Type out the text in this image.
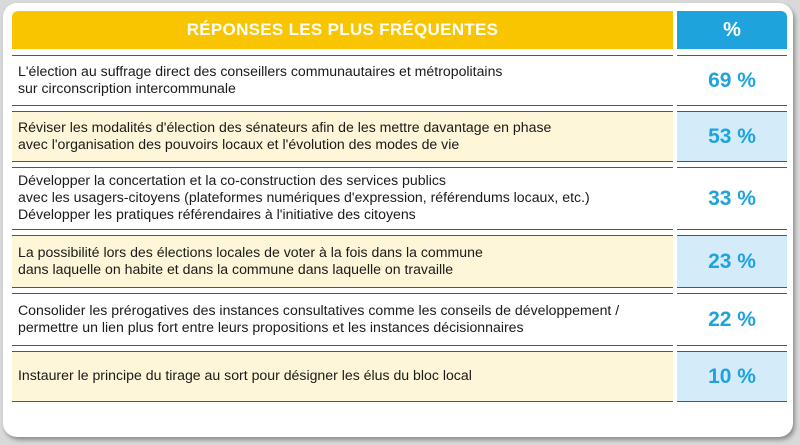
RÉPONSES LES PLUS FRÉQUENTES	%
L'élection au suffrage direct des conseillers communautaires et métropolitains
sur circonscription intercommunale	69 %
Réviser les modalités d'élection des sénateurs afin de les mettre davantage en phase
avec l'organisation des pouvoirs locaux et l'évolution des modes de vie	53 %
Développer la concertation et la co-construction des services publics
avec les usagers-citoyens (plateformes numériques d'expression, référendums locaux, etc.)
Développer les pratiques référendaires à l'initiative des citoyens
33 %
La possibilité lors des élections locales de voter à la fois dans la commune
dans laquelle on habite et dans la commune dans laquelle on travaille	23 %
Consolider les prérogatives des instances consultatives comme les conseils de développement /
permettre un lien plus fort entre leurs propositions et les instances décisionnaires	22 %
Instaurer le principe du tirage au sort pour désigner les élus du bloc local	10 %
